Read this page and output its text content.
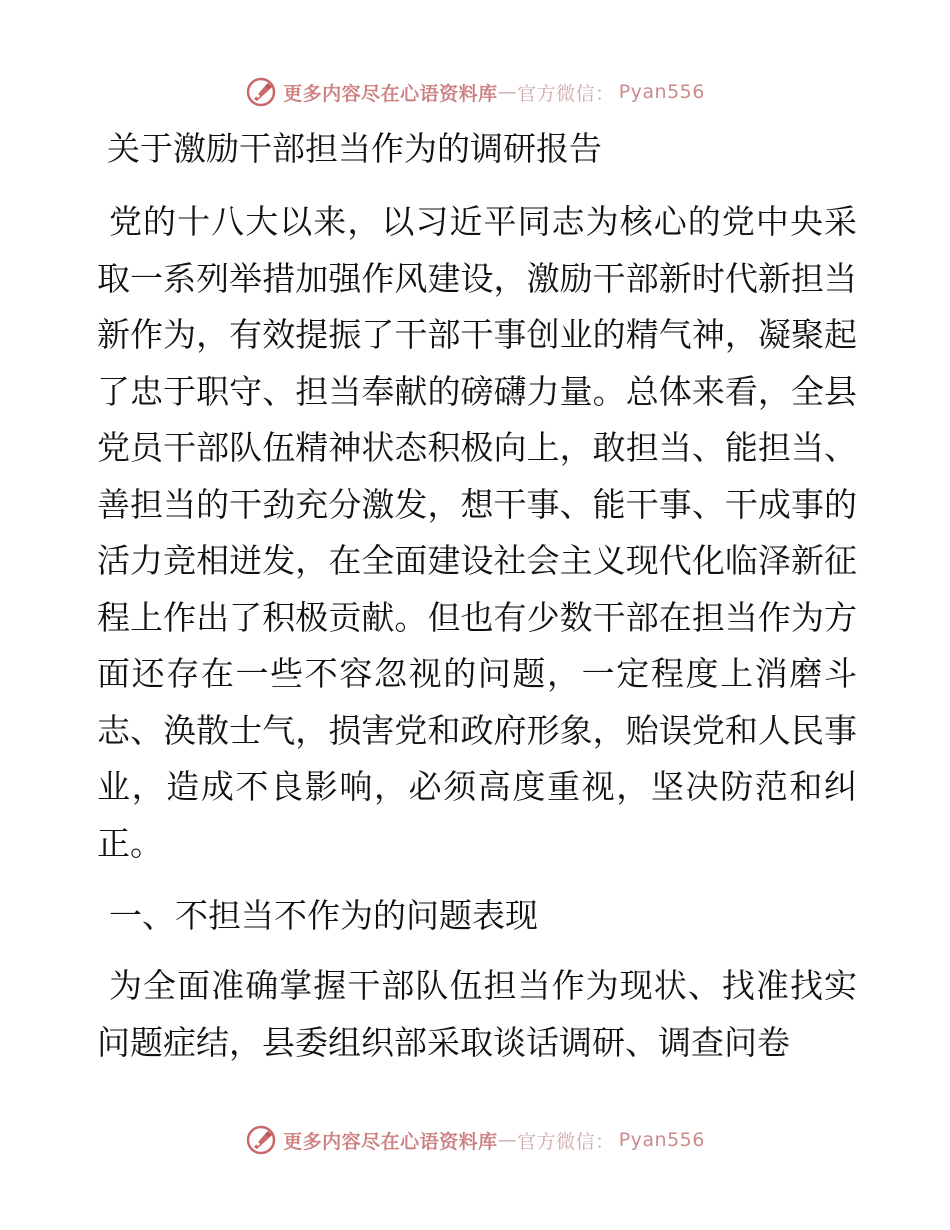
更多内容尽在心语资料库 — 官方微信： Pyan556
关于激励干部担当作为的调研报告

党的十八大以来，以习近平同志为核心的党中央采取一系列举措加强作风建设，激励干部新时代新担当新作为，有效提振了干部干事创业的精气神，凝聚起了忠于职守、担当奉献的磅礴力量。总体来看，全县党员干部队伍精神状态积极向上，敢担当、能担当、善担当的干劲充分激发，想干事、能干事、干成事的活力竞相迸发，在全面建设社会主义现代化临泽新征程上作出了积极贡献。但也有少数干部在担当作为方面还存在一些不容忽视的问题，一定程度上消磨斗志、涣散士气，损害党和政府形象，贻误党和人民事业，造成不良影响，必须高度重视，坚决防范和纠正。

一、不担当不作为的问题表现

为全面准确掌握干部队伍担当作为现状、找准找实问题症结，县委组织部采取谈话调研、调查问卷

更多内容尽在心语资料库 — 官方微信： Pyan556
